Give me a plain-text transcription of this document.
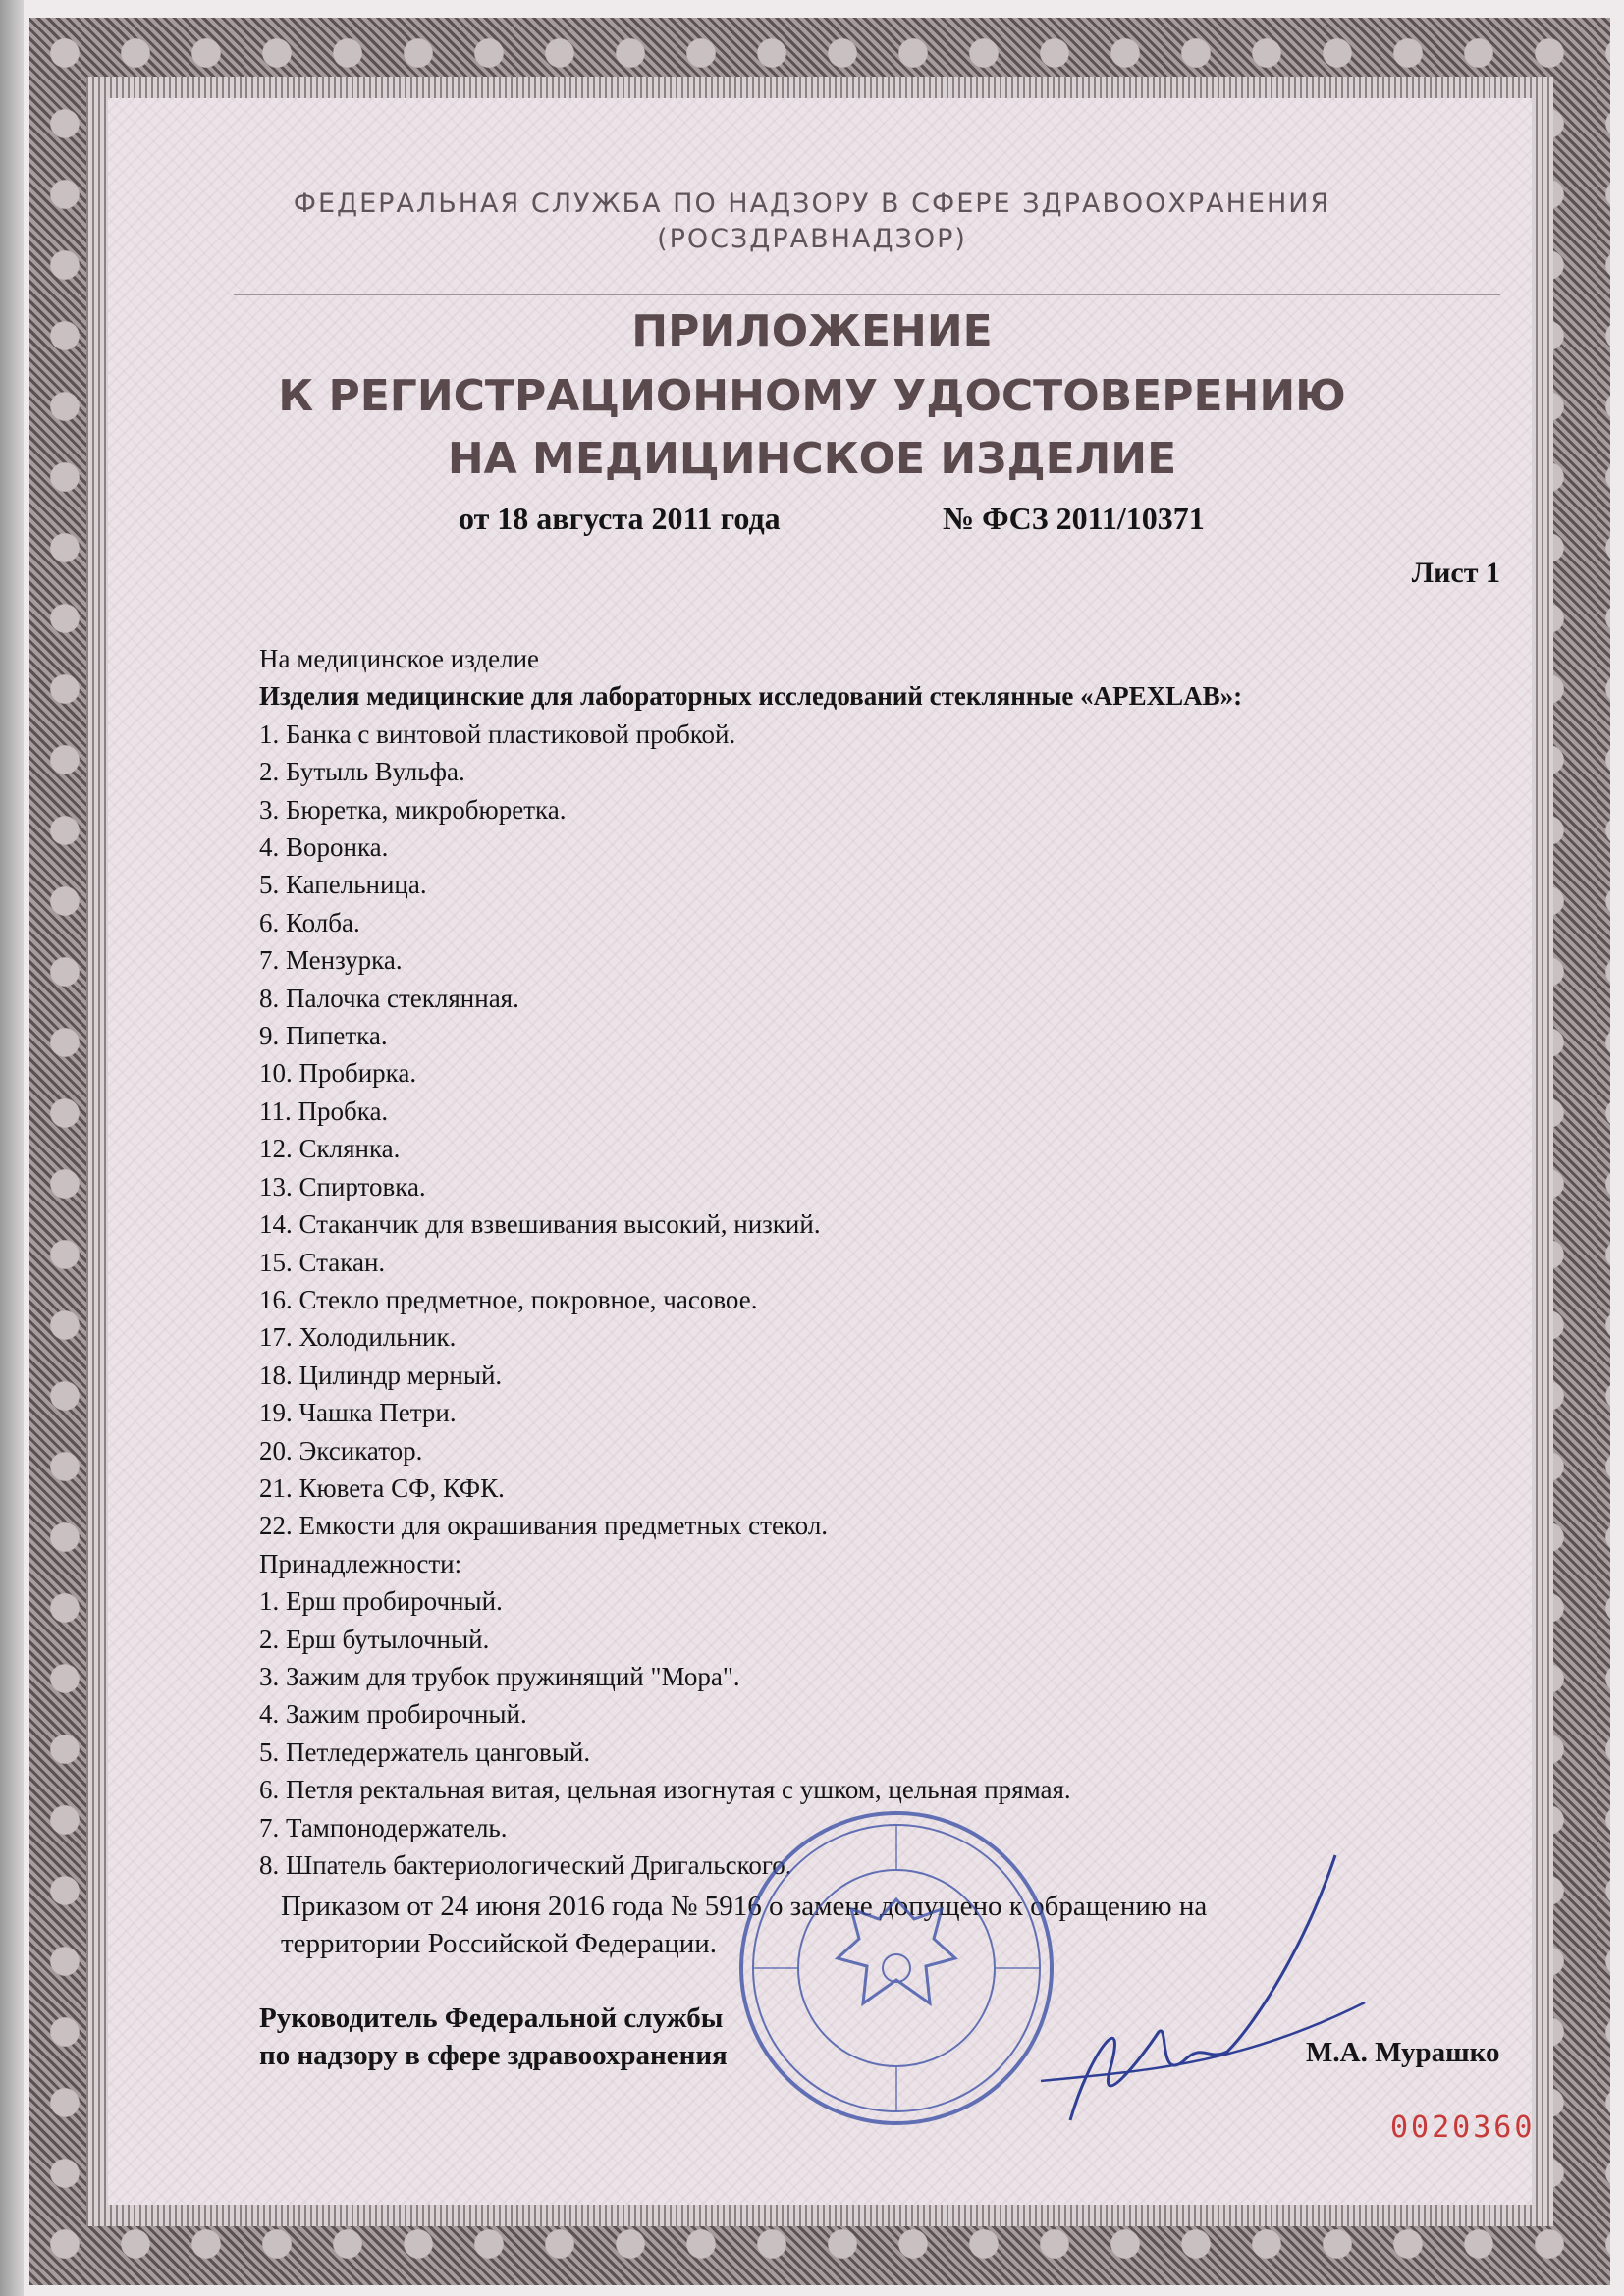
ФЕДЕРАЛЬНАЯ СЛУЖБА ПО НАДЗОРУ В СФЕРЕ ЗДРАВООХРАНЕНИЯ
(РОСЗДРАВНАДЗОР)
ПРИЛОЖЕНИЕ
К РЕГИСТРАЦИОННОМУ УДОСТОВЕРЕНИЮ
НА МЕДИЦИНСКОЕ ИЗДЕЛИЕ
от 18 августа 2011 года	№ ФСЗ 2011/10371
Лист 1
На медицинское изделие
Изделия медицинские для лабораторных исследований стеклянные «APEXLAB»:
1. Банка с винтовой пластиковой пробкой.
2. Бутыль Вульфа.
3. Бюретка, микробюретка.
4. Воронка.
5. Капельница.
6. Колба.
7. Мензурка.
8. Палочка стеклянная.
9. Пипетка.
10. Пробирка.
11. Пробка.
12. Склянка.
13. Спиртовка.
14. Стаканчик для взвешивания высокий, низкий.
15. Стакан.
16. Стекло предметное, покровное, часовое.
17. Холодильник.
18. Цилиндр мерный.
19. Чашка Петри.
20. Эксикатор.
21. Кювета СФ, КФК.
22. Емкости для окрашивания предметных стекол.
Принадлежности:
1. Ерш пробирочный.
2. Ерш бутылочный.
3. Зажим для трубок пружинящий "Мора".
4. Зажим пробирочный.
5. Петледержатель цанговый.
6. Петля ректальная витая, цельная изогнутая с ушком, цельная прямая.
7. Тампонодержатель.
8. Шпатель бактериологический Дригальского.
Приказом от 24 июня 2016 года № 5916 о замене допущено к обращению на
территории Российской Федерации.
Руководитель Федеральной службы
по надзору в сфере здравоохранения	М.А. Мурашко
0020360
